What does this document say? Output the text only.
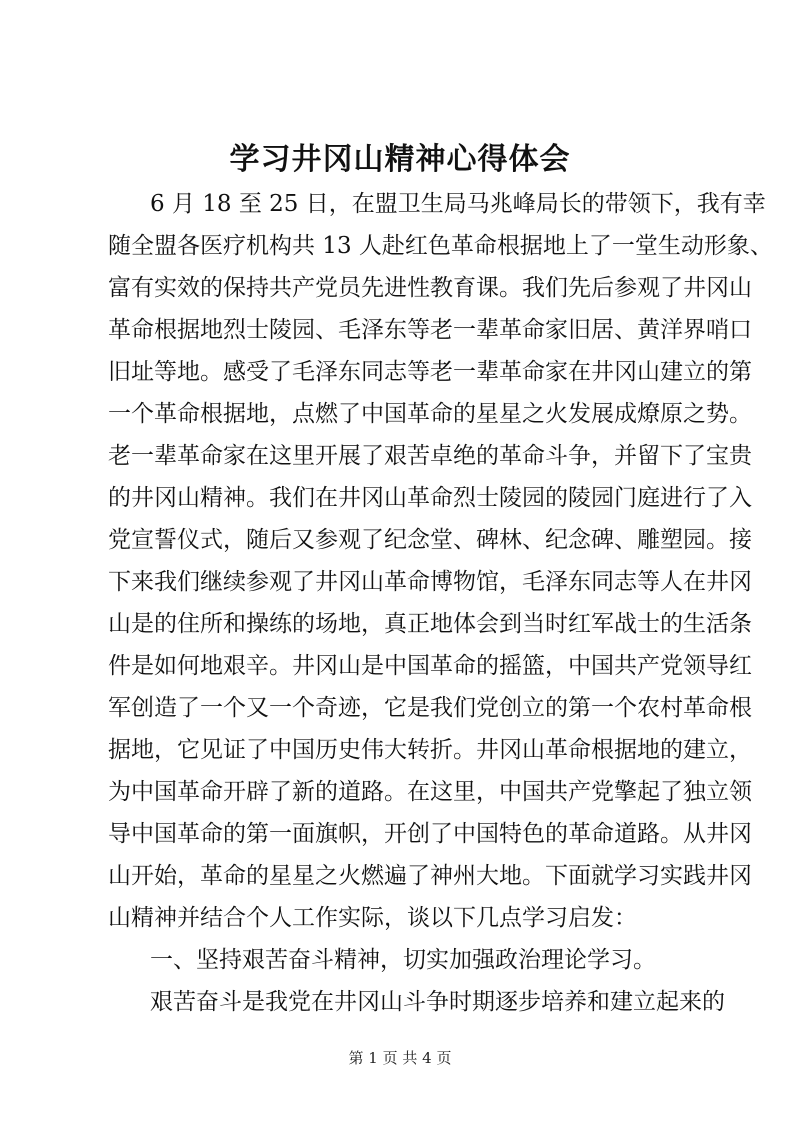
学习井冈山精神心得体会
6 月 18 至 25 日，在盟卫生局马兆峰局长的带领下，我有幸
随全盟各医疗机构共 13 人赴红色革命根据地上了一堂生动形象、
富有实效的保持共产党员先进性教育课。我们先后参观了井冈山
革命根据地烈士陵园、毛泽东等老一辈革命家旧居、黄洋界哨口
旧址等地。感受了毛泽东同志等老一辈革命家在井冈山建立的第
一个革命根据地，点燃了中国革命的星星之火发展成燎原之势。
老一辈革命家在这里开展了艰苦卓绝的革命斗争，并留下了宝贵
的井冈山精神。我们在井冈山革命烈士陵园的陵园门庭进行了入
党宣誓仪式，随后又参观了纪念堂、碑林、纪念碑、雕塑园。接
下来我们继续参观了井冈山革命博物馆，毛泽东同志等人在井冈
山是的住所和操练的场地，真正地体会到当时红军战士的生活条
件是如何地艰辛。井冈山是中国革命的摇篮，中国共产党领导红
军创造了一个又一个奇迹，它是我们党创立的第一个农村革命根
据地，它见证了中国历史伟大转折。井冈山革命根据地的建立，
为中国革命开辟了新的道路。在这里，中国共产党擎起了独立领
导中国革命的第一面旗帜，开创了中国特色的革命道路。从井冈
山开始，革命的星星之火燃遍了神州大地。下面就学习实践井冈
山精神并结合个人工作实际，谈以下几点学习启发：
一、坚持艰苦奋斗精神，切实加强政治理论学习。
艰苦奋斗是我党在井冈山斗争时期逐步培养和建立起来的
第 1 页 共 4 页
